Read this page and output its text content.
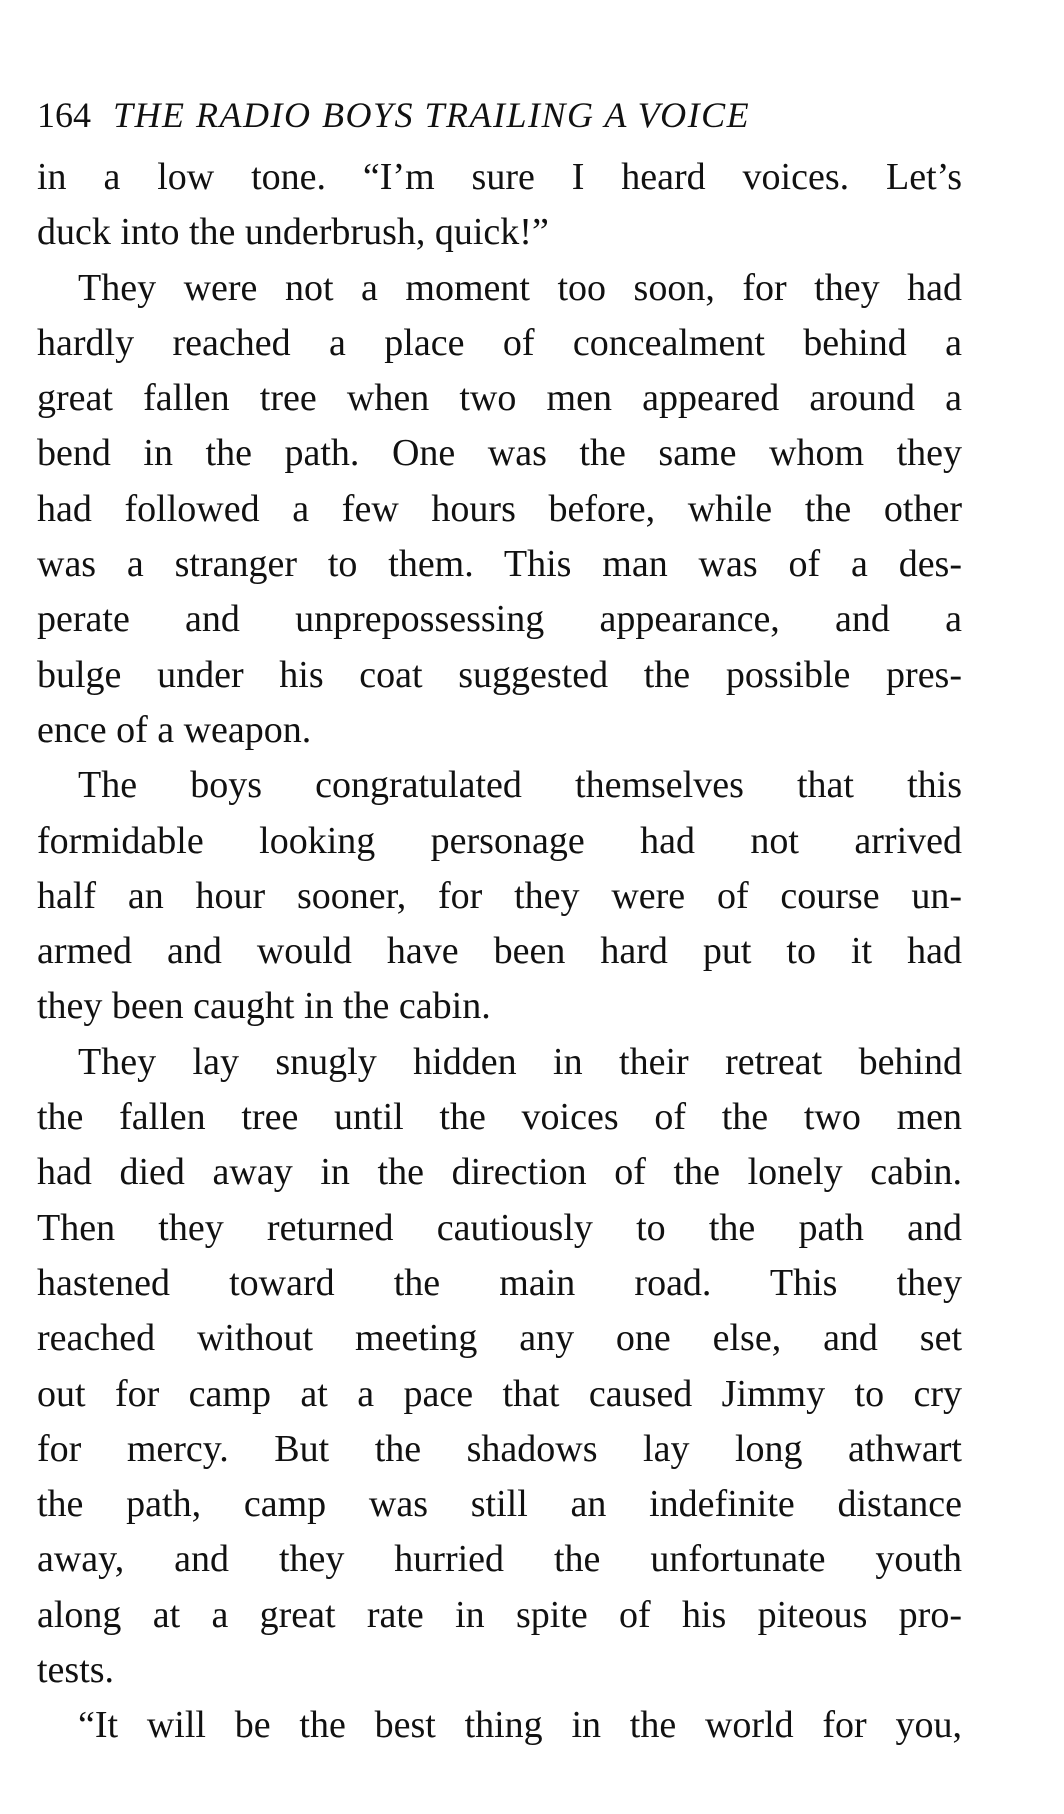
164 THE RADIO BOYS TRAILING A VOICE
in a low tone. “I’m sure I heard voices. Let’s
duck into the underbrush, quick!”
They were not a moment too soon, for they had
hardly reached a place of concealment behind a
great fallen tree when two men appeared around a
bend in the path. One was the same whom they
had followed a few hours before, while the other
was a stranger to them. This man was of a des-
perate and unprepossessing appearance, and a
bulge under his coat suggested the possible pres-
ence of a weapon.
The boys congratulated themselves that this
formidable looking personage had not arrived
half an hour sooner, for they were of course un-
armed and would have been hard put to it had
they been caught in the cabin.
They lay snugly hidden in their retreat behind
the fallen tree until the voices of the two men
had died away in the direction of the lonely cabin.
Then they returned cautiously to the path and
hastened toward the main road. This they
reached without meeting any one else, and set
out for camp at a pace that caused Jimmy to cry
for mercy. But the shadows lay long athwart
the path, camp was still an indefinite distance
away, and they hurried the unfortunate youth
along at a great rate in spite of his piteous pro-
tests.
“It will be the best thing in the world for you,
